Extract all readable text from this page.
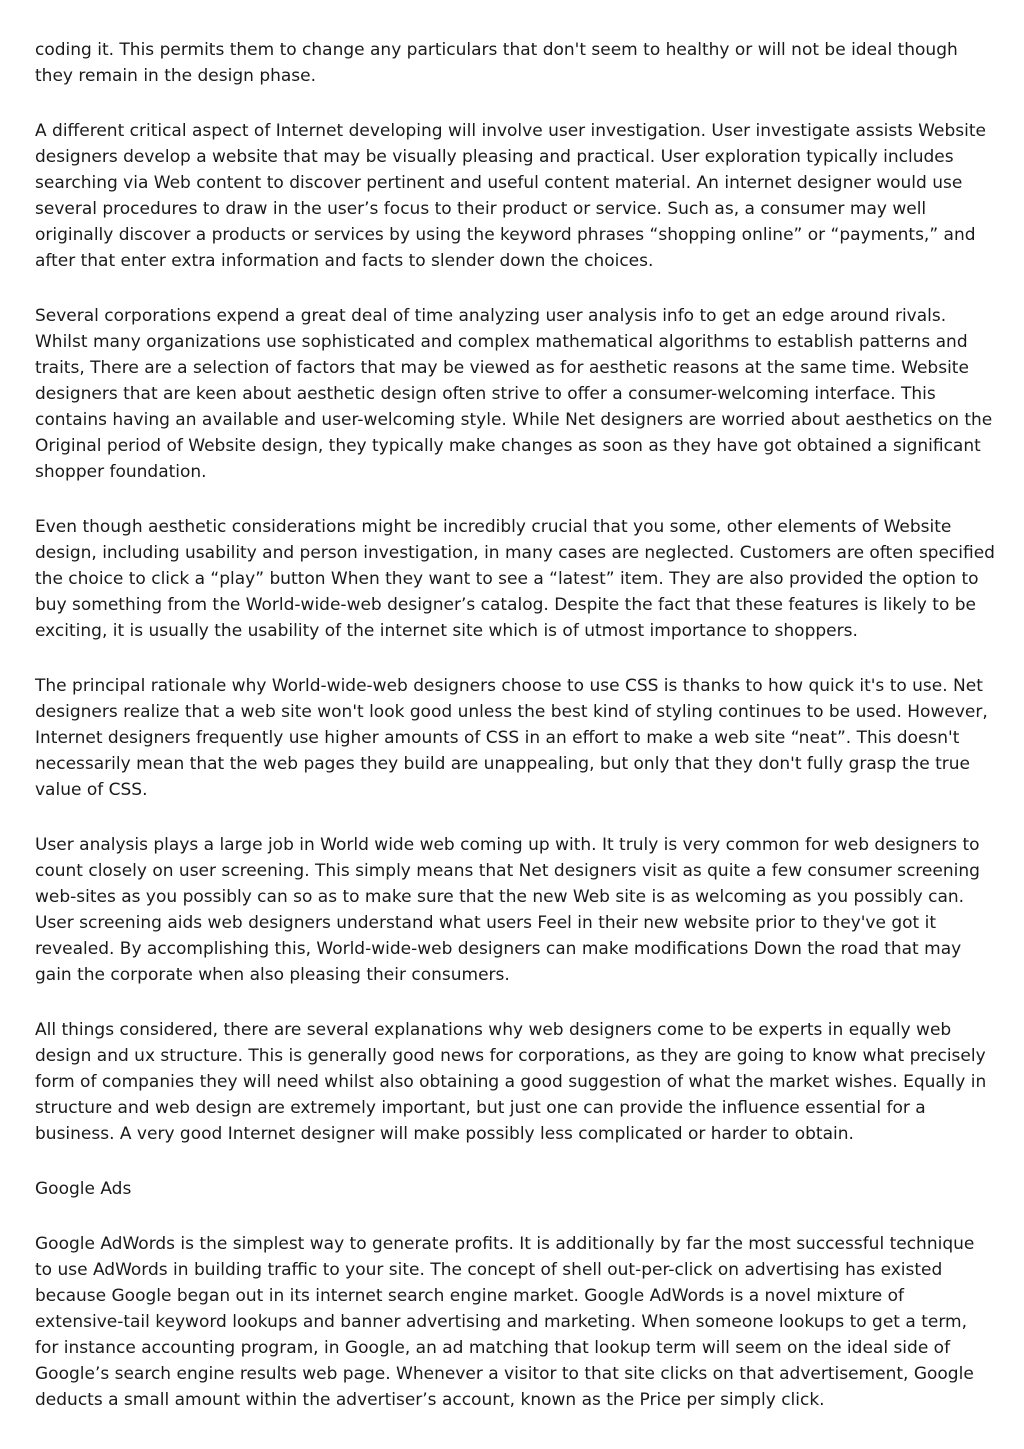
coding it. This permits them to change any particulars that don't seem to healthy or will not be ideal though they remain in the design phase.

A different critical aspect of Internet developing will involve user investigation. User investigate assists Website designers develop a website that may be visually pleasing and practical. User exploration typically includes searching via Web content to discover pertinent and useful content material. An internet designer would use several procedures to draw in the user’s focus to their product or service. Such as, a consumer may well originally discover a products or services by using the keyword phrases “shopping online” or “payments,” and after that enter extra information and facts to slender down the choices.

Several corporations expend a great deal of time analyzing user analysis info to get an edge around rivals. Whilst many organizations use sophisticated and complex mathematical algorithms to establish patterns and traits, There are a selection of factors that may be viewed as for aesthetic reasons at the same time. Website designers that are keen about aesthetic design often strive to offer a consumer-welcoming interface. This contains having an available and user-welcoming style. While Net designers are worried about aesthetics on the Original period of Website design, they typically make changes as soon as they have got obtained a significant shopper foundation.

Even though aesthetic considerations might be incredibly crucial that you some, other elements of Website design, including usability and person investigation, in many cases are neglected. Customers are often specified the choice to click a “play” button When they want to see a “latest” item. They are also provided the option to buy something from the World-wide-web designer’s catalog. Despite the fact that these features is likely to be exciting, it is usually the usability of the internet site which is of utmost importance to shoppers.

The principal rationale why World-wide-web designers choose to use CSS is thanks to how quick it's to use. Net designers realize that a web site won't look good unless the best kind of styling continues to be used. However, Internet designers frequently use higher amounts of CSS in an effort to make a web site “neat”. This doesn't necessarily mean that the web pages they build are unappealing, but only that they don't fully grasp the true value of CSS.

User analysis plays a large job in World wide web coming up with. It truly is very common for web designers to count closely on user screening. This simply means that Net designers visit as quite a few consumer screening web-sites as you possibly can so as to make sure that the new Web site is as welcoming as you possibly can. User screening aids web designers understand what users Feel in their new website prior to they've got it revealed. By accomplishing this, World-wide-web designers can make modifications Down the road that may gain the corporate when also pleasing their consumers.

All things considered, there are several explanations why web designers come to be experts in equally web design and ux structure. This is generally good news for corporations, as they are going to know what precisely form of companies they will need whilst also obtaining a good suggestion of what the market wishes. Equally in structure and web design are extremely important, but just one can provide the influence essential for a business. A very good Internet designer will make possibly less complicated or harder to obtain.

Google Ads

Google AdWords is the simplest way to generate profits. It is additionally by far the most successful technique to use AdWords in building traffic to your site. The concept of shell out-per-click on advertising has existed because Google began out in its internet search engine market. Google AdWords is a novel mixture of extensive-tail keyword lookups and banner advertising and marketing. When someone lookups to get a term, for instance accounting program, in Google, an ad matching that lookup term will seem on the ideal side of Google’s search engine results web page. Whenever a visitor to that site clicks on that advertisement, Google deducts a small amount within the advertiser’s account, known as the Price per simply click.
